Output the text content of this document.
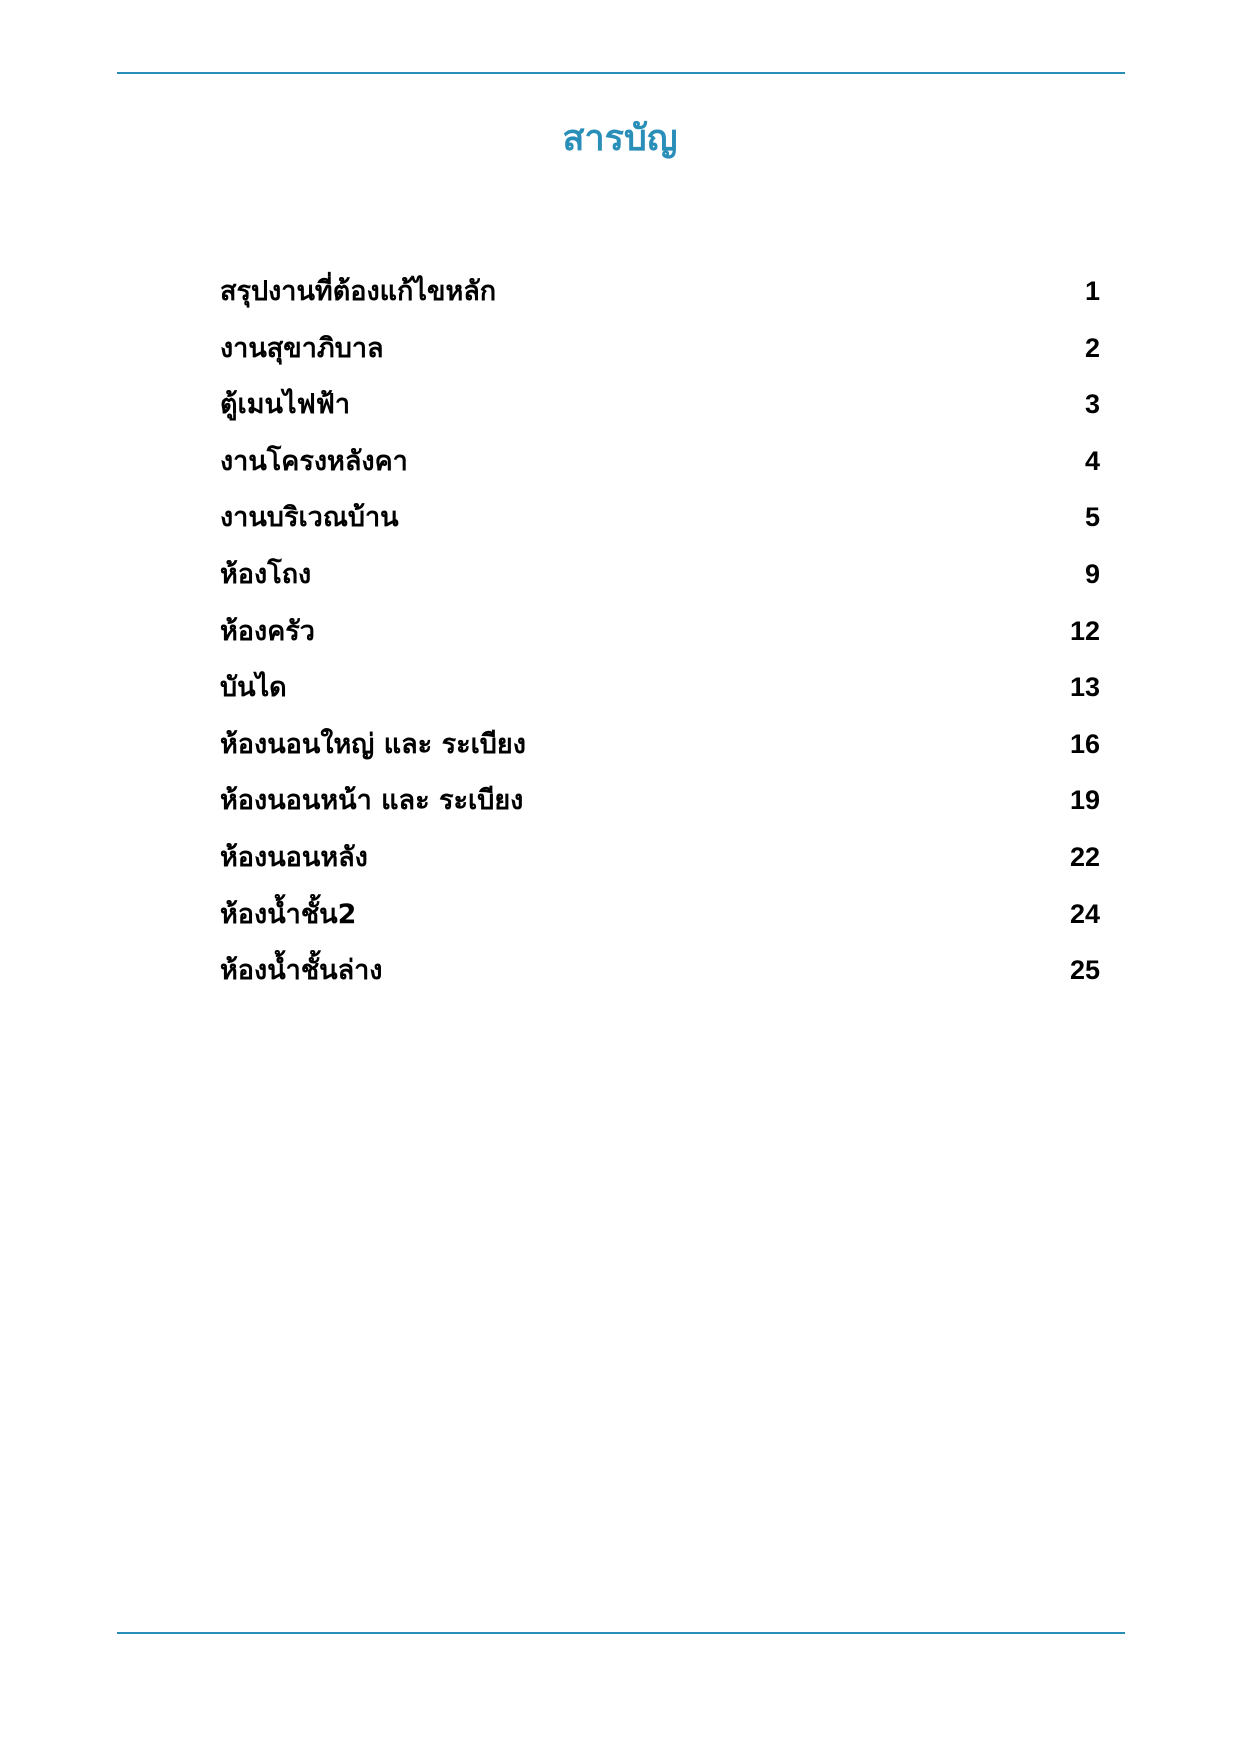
สารบัญ
สรุปงานที่ต้องแก้ไขหลัก	1
งานสุขาภิบาล	2
ตู้เมนไฟฟ้า	3
งานโครงหลังคา	4
งานบริเวณบ้าน	5
ห้องโถง	9
ห้องครัว	12
บันได	13
ห้องนอนใหญ่ และ ระเบียง	16
ห้องนอนหน้า และ ระเบียง	19
ห้องนอนหลัง	22
ห้องน้ำชั้น2	24
ห้องน้ำชั้นล่าง	25
